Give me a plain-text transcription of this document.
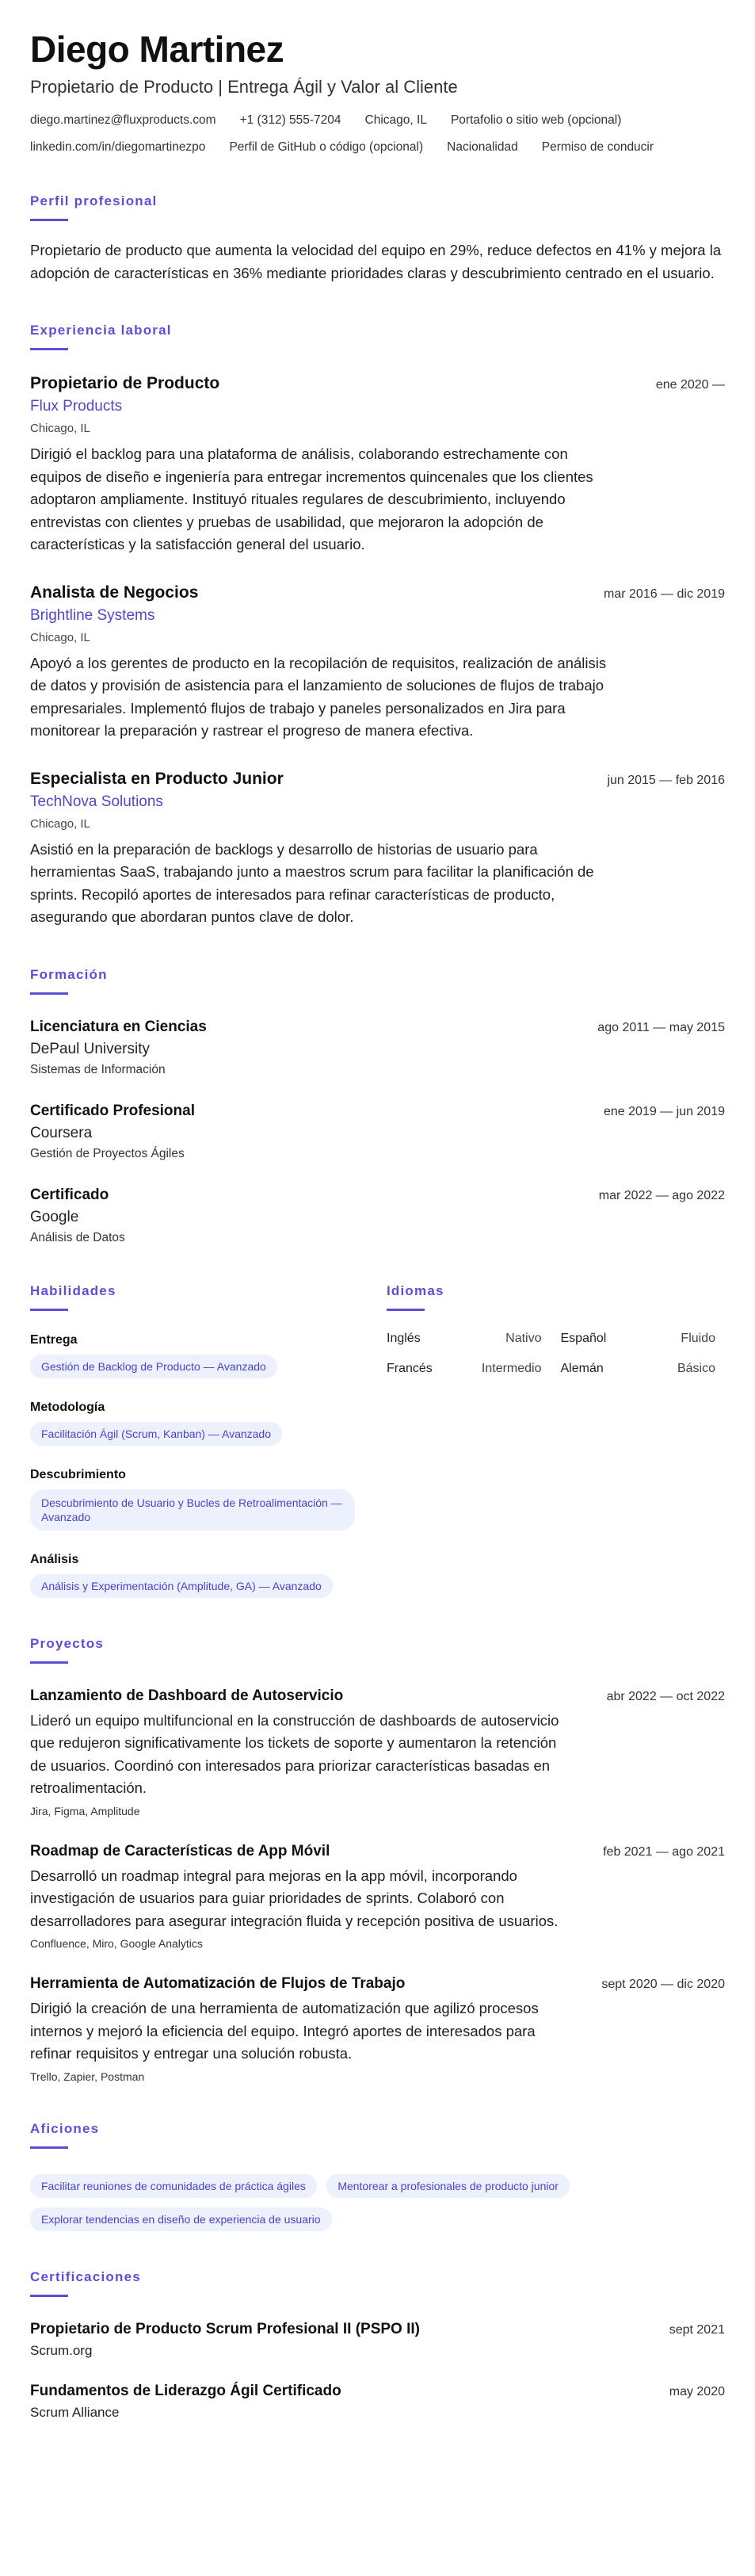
Diego Martinez
Propietario de Producto | Entrega Ágil y Valor al Cliente
diego.martinez@fluxproducts.com +1 (312) 555-7204 Chicago, IL Portafolio o sitio web (opcional)
linkedin.com/in/diegomartinezpo Perfil de GitHub o código (opcional) Nacionalidad Permiso de conducir
Perfil profesional
Propietario de producto que aumenta la velocidad del equipo en 29%, reduce defectos en 41% y mejora la adopción de características en 36% mediante prioridades claras y descubrimiento centrado en el usuario.
Experiencia laboral
Propietario de Producto	ene 2020 —
Flux Products
Chicago, IL
Dirigió el backlog para una plataforma de análisis, colaborando estrechamente con equipos de diseño e ingeniería para entregar incrementos quincenales que los clientes adoptaron ampliamente. Instituyó rituales regulares de descubrimiento, incluyendo entrevistas con clientes y pruebas de usabilidad, que mejoraron la adopción de características y la satisfacción general del usuario.
Analista de Negocios	mar 2016 — dic 2019
Brightline Systems
Chicago, IL
Apoyó a los gerentes de producto en la recopilación de requisitos, realización de análisis de datos y provisión de asistencia para el lanzamiento de soluciones de flujos de trabajo empresariales. Implementó flujos de trabajo y paneles personalizados en Jira para monitorear la preparación y rastrear el progreso de manera efectiva.
Especialista en Producto Junior	jun 2015 — feb 2016
TechNova Solutions
Chicago, IL
Asistió en la preparación de backlogs y desarrollo de historias de usuario para herramientas SaaS, trabajando junto a maestros scrum para facilitar la planificación de sprints. Recopiló aportes de interesados para refinar características de producto, asegurando que abordaran puntos clave de dolor.
Formación
Licenciatura en Ciencias	ago 2011 — may 2015
DePaul University
Sistemas de Información
Certificado Profesional	ene 2019 — jun 2019
Coursera
Gestión de Proyectos Ágiles
Certificado	mar 2022 — ago 2022
Google
Análisis de Datos
Habilidades
Entrega
Gestión de Backlog de Producto — Avanzado
Metodología
Facilitación Ágil (Scrum, Kanban) — Avanzado
Descubrimiento
Descubrimiento de Usuario y Bucles de Retroalimentación — Avanzado
Análisis
Análisis y Experimentación (Amplitude, GA) — Avanzado
Idiomas
Inglés	Nativo Español	Fluido
Francés	Intermedio Alemán	Básico
Proyectos
Lanzamiento de Dashboard de Autoservicio	abr 2022 — oct 2022
Lideró un equipo multifuncional en la construcción de dashboards de autoservicio que redujeron significativamente los tickets de soporte y aumentaron la retención de usuarios. Coordinó con interesados para priorizar características basadas en retroalimentación.
Jira, Figma, Amplitude
Roadmap de Características de App Móvil	feb 2021 — ago 2021
Desarrolló un roadmap integral para mejoras en la app móvil, incorporando investigación de usuarios para guiar prioridades de sprints. Colaboró con desarrolladores para asegurar integración fluida y recepción positiva de usuarios.
Confluence, Miro, Google Analytics
Herramienta de Automatización de Flujos de Trabajo	sept 2020 — dic 2020
Dirigió la creación de una herramienta de automatización que agilizó procesos internos y mejoró la eficiencia del equipo. Integró aportes de interesados para refinar requisitos y entregar una solución robusta.
Trello, Zapier, Postman
Aficiones
Facilitar reuniones de comunidades de práctica ágiles	Mentorear a profesionales de producto junior Explorar tendencias en diseño de experiencia de usuario
Certificaciones
Propietario de Producto Scrum Profesional II (PSPO II)	sept 2021
Scrum.org
Fundamentos de Liderazgo Ágil Certificado	may 2020
Scrum Alliance
